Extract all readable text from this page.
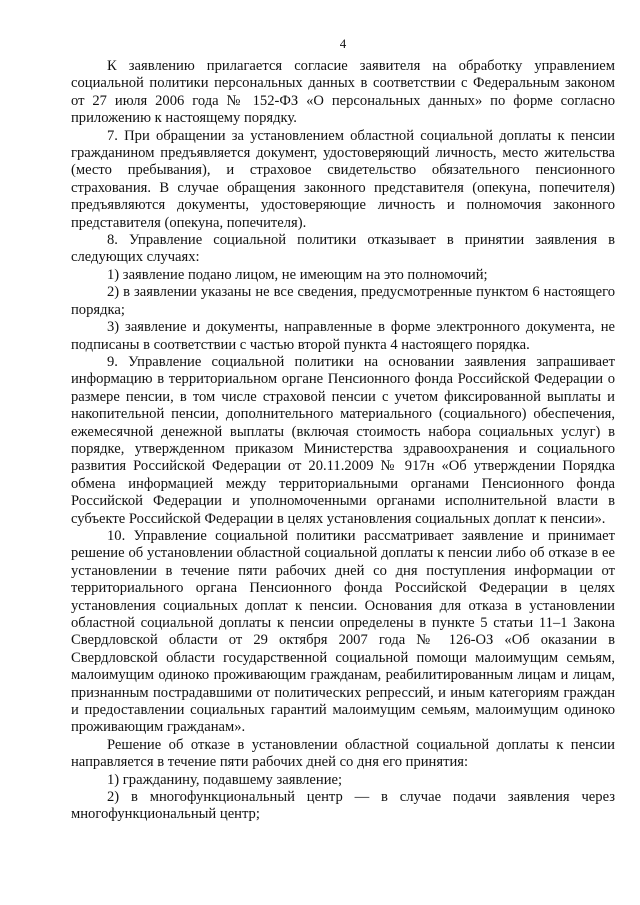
4

К заявлению прилагается согласие заявителя на обработку управлением социальной политики персональных данных в соответствии с Федеральным законом от 27 июля 2006 года № 152-ФЗ «О персональных данных» по форме согласно приложению к настоящему порядку.

7. При обращении за установлением областной социальной доплаты к пенсии гражданином предъявляется документ, удостоверяющий личность, место жительства (место пребывания), и страховое свидетельство обязательного пенсионного страхования. В случае обращения законного представителя (опекуна, попечителя) предъявляются документы, удостоверяющие личность и полномочия законного представителя (опекуна, попечителя).

8. Управление социальной политики отказывает в принятии заявления в следующих случаях:

1) заявление подано лицом, не имеющим на это полномочий;

2) в заявлении указаны не все сведения, предусмотренные пунктом 6 настоящего порядка;

3) заявление и документы, направленные в форме электронного документа, не подписаны в соответствии с частью второй пункта 4 настоящего порядка.

9. Управление социальной политики на основании заявления запрашивает информацию в территориальном органе Пенсионного фонда Российской Федерации о размере пенсии, в том числе страховой пенсии с учетом фиксированной выплаты и накопительной пенсии, дополнительного материального (социального) обеспечения, ежемесячной денежной выплаты (включая стоимость набора социальных услуг) в порядке, утвержденном приказом Министерства здравоохранения и социального развития Российской Федерации от 20.11.2009 № 917н «Об утверждении Порядка обмена информацией между территориальными органами Пенсионного фонда Российской Федерации и уполномоченными органами исполнительной власти в субъекте Российской Федерации в целях установления социальных доплат к пенсии».

10. Управление социальной политики рассматривает заявление и принимает решение об установлении областной социальной доплаты к пенсии либо об отказе в ее установлении в течение пяти рабочих дней со дня поступления информации от территориального органа Пенсионного фонда Российской Федерации в целях установления социальных доплат к пенсии. Основания для отказа в установлении областной социальной доплаты к пенсии определены в пункте 5 статьи 11–1 Закона Свердловской области от 29 октября 2007 года № 126-ОЗ «Об оказании в Свердловской области государственной социальной помощи малоимущим семьям, малоимущим одиноко проживающим гражданам, реабилитированным лицам и лицам, признанным пострадавшими от политических репрессий, и иным категориям граждан и предоставлении социальных гарантий малоимущим семьям, малоимущим одиноко проживающим гражданам».

Решение об отказе в установлении областной социальной доплаты к пенсии направляется в течение пяти рабочих дней со дня его принятия:

1) гражданину, подавшему заявление;

2) в многофункциональный центр — в случае подачи заявления через многофункциональный центр;
